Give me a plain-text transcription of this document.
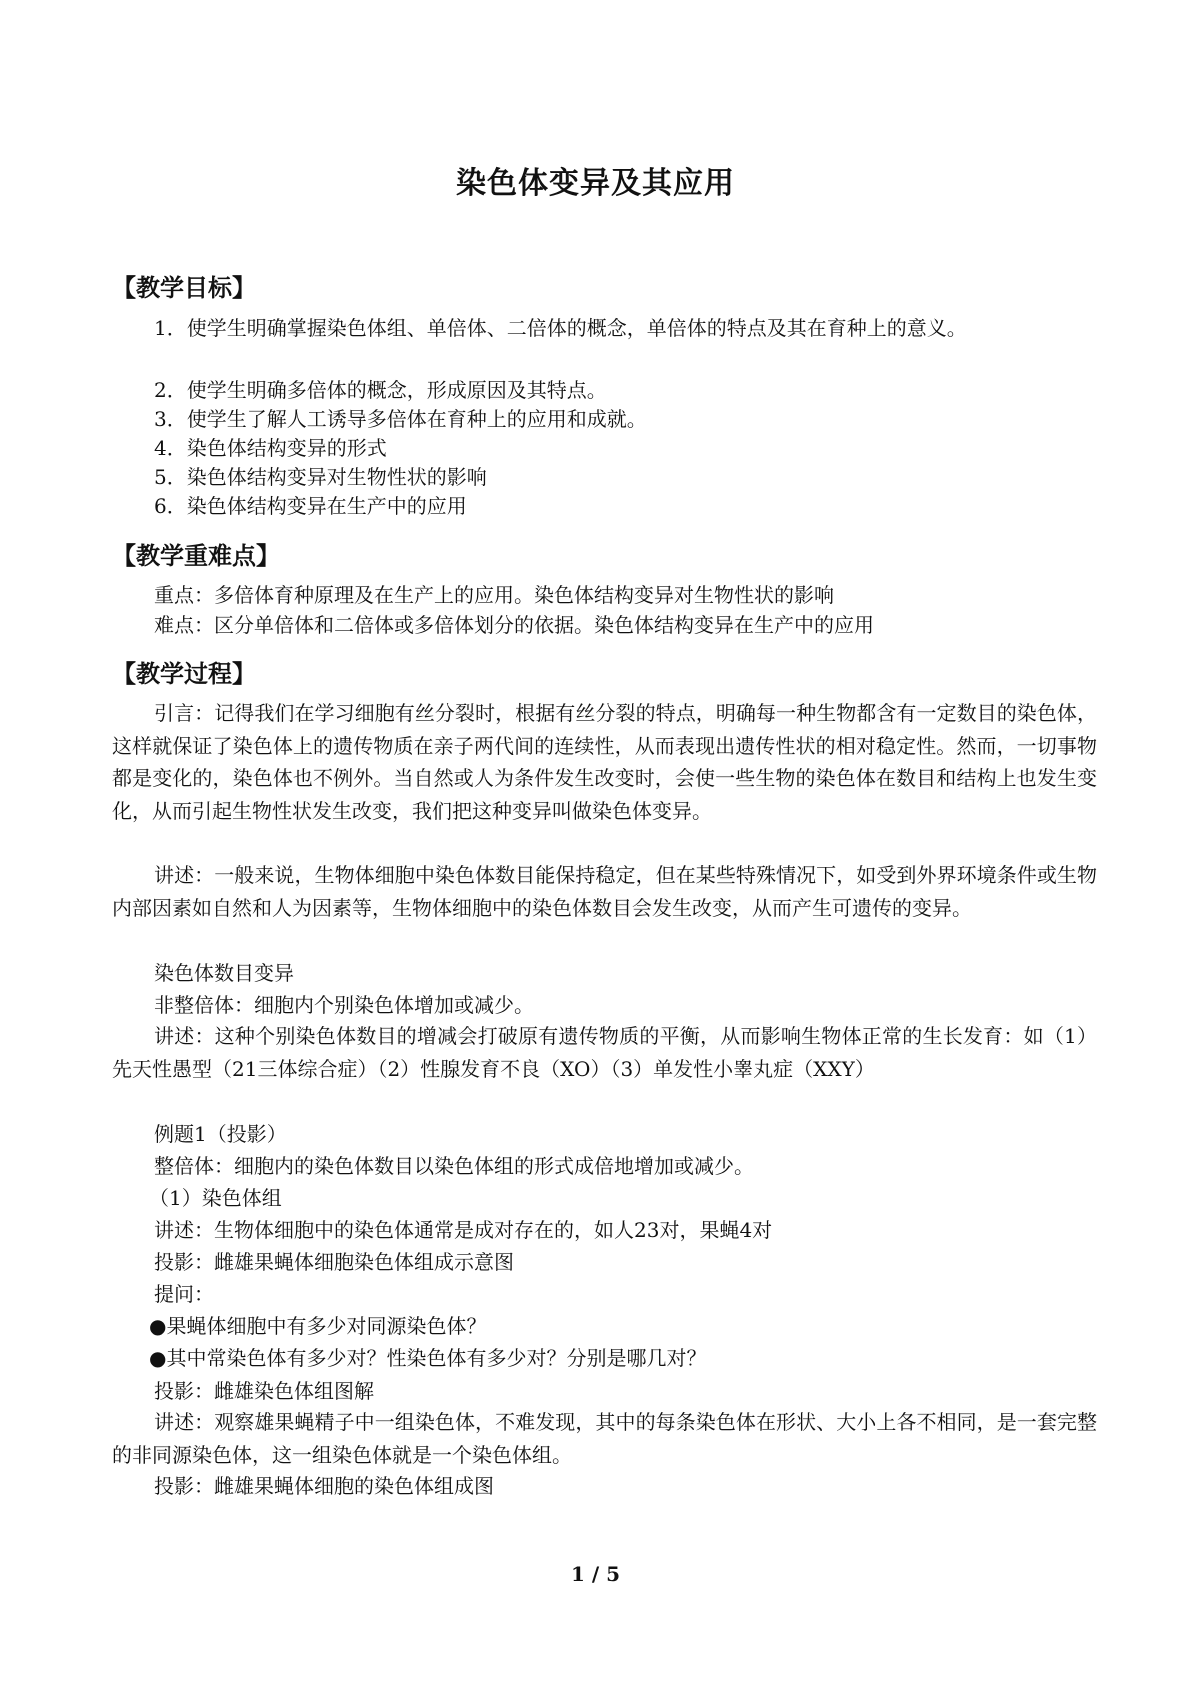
染色体变异及其应用
【教学目标】
1．使学生明确掌握染色体组、单倍体、二倍体的概念，单倍体的特点及其在育种上的意义。
2．使学生明确多倍体的概念，形成原因及其特点。
3．使学生了解人工诱导多倍体在育种上的应用和成就。
4．染色体结构变异的形式
5．染色体结构变异对生物性状的影响
6．染色体结构变异在生产中的应用
【教学重难点】
重点：多倍体育种原理及在生产上的应用。染色体结构变异对生物性状的影响
难点：区分单倍体和二倍体或多倍体划分的依据。染色体结构变异在生产中的应用
【教学过程】
引言：记得我们在学习细胞有丝分裂时，根据有丝分裂的特点，明确每一种生物都含有一定数目的染色体，这样就保证了染色体上的遗传物质在亲子两代间的连续性，从而表现出遗传性状的相对稳定性。然而，一切事物都是变化的，染色体也不例外。当自然或人为条件发生改变时，会使一些生物的染色体在数目和结构上也发生变化，从而引起生物性状发生改变，我们把这种变异叫做染色体变异。
讲述：一般来说，生物体细胞中染色体数目能保持稳定，但在某些特殊情况下，如受到外界环境条件或生物内部因素如自然和人为因素等，生物体细胞中的染色体数目会发生改变，从而产生可遗传的变异。
染色体数目变异
非整倍体：细胞内个别染色体增加或减少。
讲述：这种个别染色体数目的增减会打破原有遗传物质的平衡，从而影响生物体正常的生长发育：如（1）先天性愚型（21三体综合症）（2）性腺发育不良（XO）（3）单发性小睾丸症（XXY）
例题1（投影）
整倍体：细胞内的染色体数目以染色体组的形式成倍地增加或减少。
（1）染色体组
讲述：生物体细胞中的染色体通常是成对存在的，如人23对，果蝇4对
投影：雌雄果蝇体细胞染色体组成示意图
提问：
●果蝇体细胞中有多少对同源染色体？
●其中常染色体有多少对？性染色体有多少对？分别是哪几对？
投影：雌雄染色体组图解
讲述：观察雄果蝇精子中一组染色体，不难发现，其中的每条染色体在形状、大小上各不相同，是一套完整的非同源染色体，这一组染色体就是一个染色体组。
投影：雌雄果蝇体细胞的染色体组成图
1 / 5
